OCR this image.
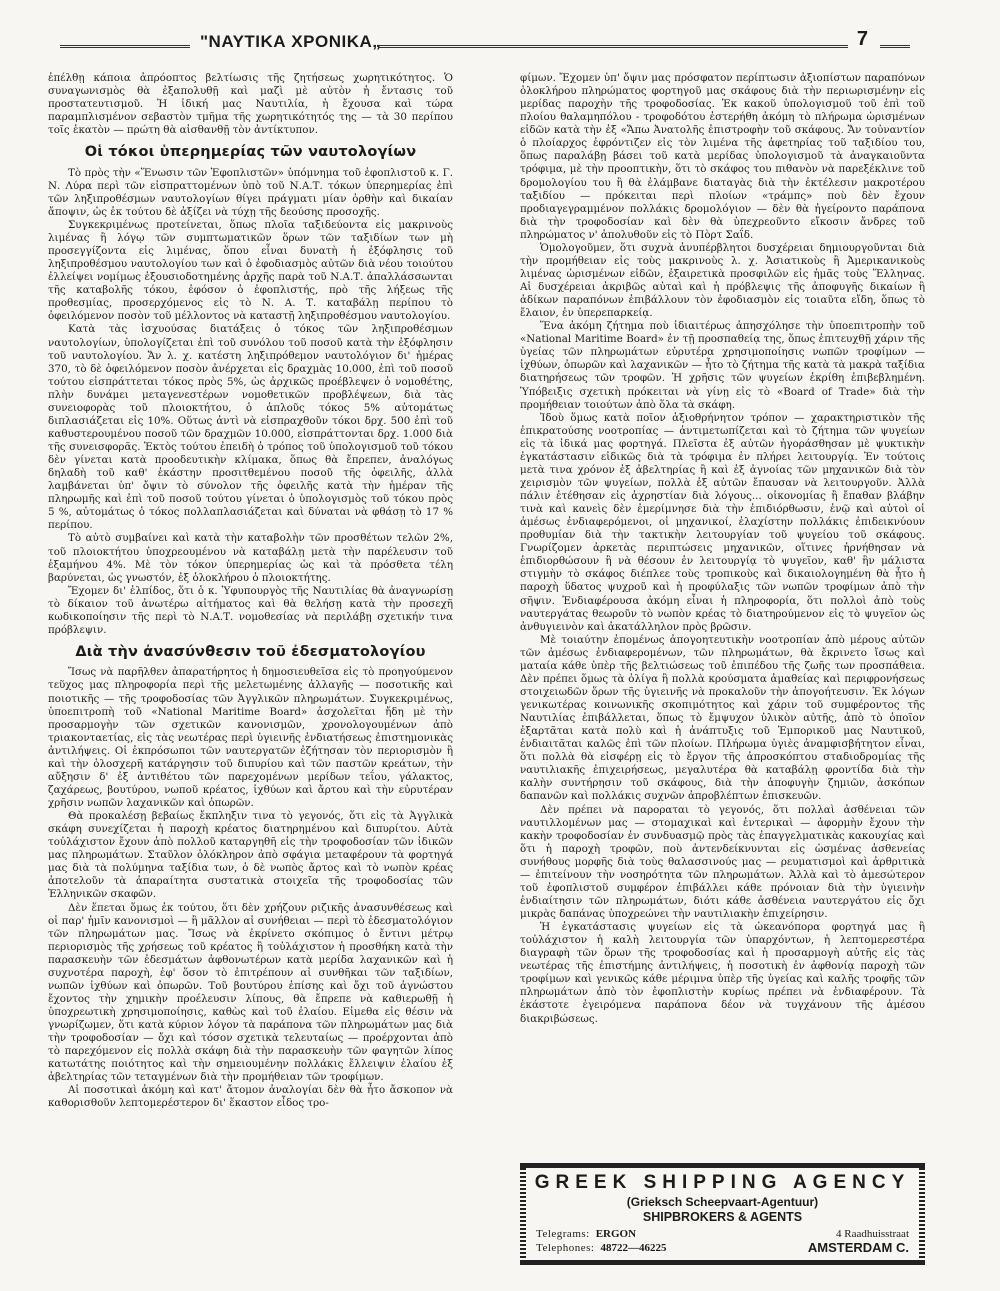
"ΝΑΥΤΙΚΑ ΧΡΟΝΙΚΑ„	7

ἐπέλθῃ κάποια ἀπρόοπτος βελτίωσις τῆς ζητήσεως χωρητικότητος. Ὁ συναγωνισμὸς θὰ ἐξαπολυθῇ καὶ μαζὶ μὲ αὐτὸν ἡ ἔντασις τοῦ προστατευτισμοῦ. Ἡ ἰδική μας Ναυτιλία, ἡ ἔχουσα καὶ τώρα παραμπλισμένον σεβαστὸν τμῆμα τῆς χωρητικότητός της — τὰ 30 περίπου τοῖς ἑκατὸν — πρώτη θὰ αἰσθανθῇ τὸν ἀντίκτυπον.

Οἱ τόκοι ὑπερημερίας τῶν ναυτολογίων

Τὸ πρὸς τὴν «Ἕνωσιν τῶν Ἐφοπλιστῶν» ὑπόμνημα τοῦ ἐφοπλιστοῦ κ. Γ. Ν. Λύρα περὶ τῶν εἰσπραττομένων ὑπὸ τοῦ Ν.Α.Τ. τόκων ὑπερημερίας ἐπὶ τῶν ληξιπροθέσμων ναυτολογίων θίγει πράγματι μίαν ὀρθὴν καὶ δικαίαν ἄποψιν, ὡς ἐκ τούτου δὲ ἀξίζει νὰ τύχῃ τῆς δεούσης προσοχῆς.

Συγκεκριμένως προτείνεται, ὅπως πλοῖα ταξιδεύοντα εἰς μακρινοὺς λιμένας ἢ λόγῳ τῶν συμπτωματικῶν ὅρων τῶν ταξιδίων των μὴ προσεγγίζοντα εἰς λιμένας, ὅπου εἶναι δυνατὴ ἡ ἐξόφλησις τοῦ ληξιπροθέσμου ναυτολογίου των καὶ ὁ ἐφοδιασμὸς αὐτῶν διὰ νέου τοιούτου ἐλλείψει νομίμως ἐξουσιοδοτημένης ἀρχῆς παρὰ τοῦ Ν.Α.Τ. ἀπαλλάσσωνται τῆς καταβολῆς τόκου, ἐφόσον ὁ ἐφοπλιστής, πρὸ τῆς λήξεως τῆς προθεσμίας, προσερχόμενος εἰς τὸ Ν. Α. Τ. καταβάλῃ περίπου τὸ ὀφειλόμενον ποσὸν τοῦ μέλλοντος νὰ καταστῇ ληξιπροθέσμου ναυτολογίου.

Κατὰ τὰς ἰσχυούσας διατάξεις ὁ τόκος τῶν ληξιπροθέσμων ναυτολογίων, ὑπολογίζεται ἐπὶ τοῦ συνόλου τοῦ ποσοῦ κατὰ τὴν ἐξόφλησιν τοῦ ναυτολογίου. Ἄν λ. χ. κατέστη ληξιπρόθεμον ναυτολόγιον δι' ἡμέρας 370, τὸ δὲ ὀφειλόμενον ποσὸν ἀνέρχεται εἰς δραχμὰς 10.000, ἐπὶ τοῦ ποσοῦ τούτου εἰσπράττεται τόκος πρὸς 5%, ὡς ἀρχικῶς προέβλεψεν ὁ νομοθέτης, πλὴν δυνάμει μεταγενεστέρων νομοθετικῶν προβλέψεων, διὰ τὰς συνειοφορὰς τοῦ πλοιοκτήτου, ὁ ἁπλοῦς τόκος 5% αὐτομάτως διπλασιάζεται εἰς 10%. Οὕτως ἀντὶ νὰ εἰσπραχθοῦν τόκοι δρχ. 500 ἐπὶ τοῦ καθυστερουμένου ποσοῦ τῶν δραχμῶν 10.000, εἰσπράττονται δρχ. 1.000 διὰ τῆς συνεισφορᾶς. Ἐκτὸς τούτου ἐπειδὴ ὁ τρόπος τοῦ ὑπολογισμοῦ τοῦ τόκου δὲν γίνεται κατὰ προοδευτικὴν κλίμακα, ὅπως θὰ ἔπρεπεν, ἀναλόγως δηλαδὴ τοῦ καθ' ἑκάστην προσιτθεμένου ποσοῦ τῆς ὀφειλῆς, ἀλλὰ λαμβάνεται ὑπ' ὄψιν τὸ σύνολον τῆς ὀφειλῆς κατὰ τὴν ἡμέραν τῆς πληρωμῆς καὶ ἐπὶ τοῦ ποσοῦ τούτου γίνεται ὁ ὑπολογισμὸς τοῦ τόκου πρὸς 5 %, αὐτομάτως ὁ τόκος πολλαπλασιάζεται καὶ δύναται νὰ φθάσῃ τὸ 17 % περίπου.

Τὸ αὐτὸ συμβαίνει καὶ κατὰ τὴν καταβολὴν τῶν προσθέτων τελῶν 2%, τοῦ πλοιοκτήτου ὑποχρεουμένου νὰ καταβάλῃ μετὰ τὴν παρέλευσιν τοῦ ἑξαμήνου 4%. Μὲ τὸν τόκον ὑπερημερίας ὡς καὶ τὰ πρόσθετα τέλη βαρύνεται, ὡς γνωστόν, ἐξ ὁλοκλήρου ὁ πλοιοκτήτης.

Ἔχομεν δι' ἐλπίδος, ὅτι ὁ κ. Ὑφυπουργὸς τῆς Ναυτιλίας θὰ ἀναγνωρίσῃ τὸ δίκαιον τοῦ ἀνωτέρω αἰτήματος καὶ θὰ θελήσῃ κατὰ τὴν προσεχῆ κωδικοποίησιν τῆς περὶ τὸ Ν.Α.Τ. νομοθεσίας νὰ περιλάβῃ σχετικήν τινα πρόβλεψιν.

Διὰ τὴν ἀνασύνθεσιν τοῦ ἐδεσματολογίου

Ἴσως νὰ παρῆλθεν ἀπαρατήρητος ἡ δημοσιευθεῖσα εἰς τὸ προηγούμενον τεῦχος μας πληροφορία περὶ τῆς μελετωμένης ἀλλαγῆς — ποσοτικῆς καὶ ποιοτικῆς — τῆς τροφοδοσίας τῶν Ἀγγλικῶν πληρωμάτων. Συγκεκριμένως, ὑποεπιτροπὴ τοῦ «National Maritime Board» ἀσχολεῖται ἤδη μὲ τὴν προσαρμογὴν τῶν σχετικῶν κανονισμῶν, χρονολογουμένων ἀπὸ τριακονταετίας, εἰς τὰς νεωτέρας περὶ ὑγιεινῆς ἐνδιατήσεως ἐπιστημονικὰς ἀντιλήψεις. Οἱ ἐκπρόσωποι τῶν ναυτεργατῶν ἐζήτησαν τὸν περιορισμὸν ἢ καὶ τὴν ὁλοσχερῆ κατάργησιν τοῦ διπυρίου καὶ τῶν παστῶν κρεάτων, τὴν αὔξησιν δ' ἐξ ἀντιθέτου τῶν παρεχομένων μερίδων τεΐου, γάλακτος, ζαχάρεως, βουτύρου, νωποῦ κρέατος, ἰχθύων καὶ ἄρτου καὶ τὴν εὐρυτέραν χρῆσιν νωπῶν λαχανικῶν καὶ ὀπωρῶν.

Θὰ προκαλέσῃ βεβαίως ἔκπληξιν τινα τὸ γεγονός, ὅτι εἰς τὰ Ἀγγλικὰ σκάφη συνεχίζεται ἡ παροχὴ κρέατος διατηρημένου καὶ διπυρίτου. Αὐτὰ τοὐλάχιστον ἔχουν ἀπὸ πολλοῦ καταργηθῆ εἰς τὴν τροφοδοσίαν τῶν ἰδικῶν μας πληρωμάτων. Σταῦλον ὁλόκληρον ἀπὸ σφάγια μεταφέρουν τὰ φορτηγά μας διὰ τὰ πολύμηνα ταξίδια των, ὁ δὲ νωπὸς ἄρτος καὶ τὸ νωπὸν κρέας ἀποτελοῦν τὰ ἀπαραίτητα συστατικὰ στοιχεῖα τῆς τροφοδοσίας τῶν Ἑλληνικῶν σκαφῶν.

Δὲν ἕπεται ὅμως ἐκ τούτου, ὅτι δὲν χρήζουν ριζικῆς ἀνασυνθέσεως καὶ οἱ παρ' ἡμῖν κανονισμοὶ — ἢ μᾶλλον αἱ συνήθειαι — περὶ τὸ ἐδεσματολόγιον τῶν πληρωμάτων μας. Ἴσως νὰ ἐκρίνετο σκόπιμος ὁ ἔντινι μέτρῳ περιορισμὸς τῆς χρήσεως τοῦ κρέατος ἢ τοὐλάχιστον ἡ προσθήκη κατὰ τὴν παρασκευὴν τῶν ἐδεσμάτων ἀφθονωτέρων κατὰ μερίδα λαχανικῶν καὶ ἡ συχνοτέρα παροχὴ, ἐφ' ὅσον τὸ ἐπιτρέπουν αἱ συνθῆκαι τῶν ταξιδίων, νωπῶν ἰχθύων καὶ ὀπωρῶν. Τοῦ βουτύρου ἐπίσης καὶ ὄχι τοῦ ἀγνώστου ἔχοντος τὴν χημικὴν προέλευσιν λίπους, θὰ ἔπρεπε νὰ καθιερωθῇ ἡ ὑποχρεωτικὴ χρησιμοποίησις, καθὼς καὶ τοῦ ἐλαίου. Εἰμεθα εἰς θέσιν νὰ γνωρίζωμεν, ὅτι κατὰ κύριον λόγον τὰ παράπονα τῶν πληρωμάτων μας διὰ τὴν τροφοδοσίαν — ὄχι καὶ τόσον σχετικὰ τελευταίως — προέρχονται ἀπὸ τὸ παρεχόμενον εἰς πολλὰ σκάφη διὰ τὴν παρασκευὴν τῶν φαγητῶν λίπος κατωτάτης ποιότητος καὶ τὴν σημειουμένην πολλάκις ἔλλειψιν ἐλαίου ἐξ ἀβελτηρίας τῶν τεταγμένων διὰ τὴν προμήθειαν τῶν τροφίμων.

Αἱ ποσοτικαὶ ἀκόμη καὶ κατ' ἄτομον ἀναλογίαι δὲν θὰ ἦτο ἄσκοπον νὰ καθορισθοῦν λεπτομερέστερον δι' ἕκαστον εἶδος τρο-

φίμων. Ἔχομεν ὑπ' ὄψιν μας πρόσφατον περίπτωσιν ἀξιοπίστων παραπόνων ὁλοκλήρου πληρώματος φορτηγοῦ μας σκάφους διὰ τὴν περιωρισμένην εἰς μερίδας παροχὴν τῆς τροφοδοσίας. Ἐκ κακοῦ ὑπολογισμοῦ τοῦ ἐπὶ τοῦ πλοίου θαλαμηπόλου - τροφοδότου ἐστερήθη ἀκόμη τὸ πλήρωμα ὡρισμένων εἰδῶν κατὰ τὴν ἐξ «Ἄπω Ἀνατολῆς ἐπιστροφὴν τοῦ σκάφους. Ἄν τοὐναντίον ὁ πλοίαρχος ἐφρόντιζεν εἰς τὸν λιμένα τῆς ἀφετηρίας τοῦ ταξιδίου του, ὅπως παραλάβῃ βάσει τοῦ κατὰ μερίδας ὑπολογισμοῦ τὰ ἀναγκαιοῦντα τρόφιμα, μὲ τὴν προοπτικὴν, ὅτι τὸ σκάφος του πιθανὸν νὰ παρεξέκλινε τοῦ δρομολογίου του ἢ θὰ ἐλάμβανε διαταγὰς διὰ τὴν ἐκτέλεσιν μακροτέρου ταξιδίου — πρόκειται περὶ πλοίων «τράμπς» ποὺ δὲν ἔχουν προδιαγεγραμμένον πολλάκις δρομολόγιον — δὲν θὰ ἠγείροντο παράπονα διὰ τὴν τροφοδοσίαν καὶ δὲν θὰ ὑπεχρεοῦντο εἴκοσιν ἄνδρες τοῦ πληρώματος ν' ἀπολυθοῦν εἰς τὸ Πὸρτ Σαΐδ.

Ὁμολογοῦμεν, ὅτι συχνὰ ἀνυπέρβλητοι δυσχέρειαι δημιουργοῦνται διὰ τὴν προμήθειαν εἰς τοὺς μακρινοὺς λ. χ. Ἀσιατικοὺς ἢ Ἀμερικανικοὺς λιμένας ὡρισμένων εἰδῶν, ἐξαιρετικὰ προσφιλῶν εἰς ἡμᾶς τοὺς Ἕλληνας. Αἱ δυσχέρειαι ἀκριβῶς αὐταὶ καὶ ἡ πρόβλεψις τῆς ἀποφυγῆς δικαίων ἢ ἀδίκων παραπόνων ἐπιβάλλουν τὸν ἐφοδιασμὸν εἰς τοιαῦτα εἴδη, ὅπως τὸ ἔλαιον, ἐν ὑπερεπαρκείᾳ.

Ἕνα ἀκόμη ζήτημα ποὺ ἰδιαιτέρως ἀπησχόλησε τὴν ὑποεπιτροπὴν τοῦ «National Maritime Board» ἐν τῇ προσπαθείᾳ της, ὅπως ἐπιτευχθῇ χάριν τῆς ὑγείας τῶν πληρωμάτων εὐρυτέρα χρησιμοποίησις νωπῶν τροφίμων — ἰχθύων, ὀπωρῶν καὶ λαχανικῶν — ἦτο τὸ ζήτημα τῆς κατὰ τὰ μακρὰ ταξίδια διατηρήσεως τῶν τροφῶν. Ἡ χρῆσις τῶν ψυγείων ἐκρίθη ἐπιβεβλημένη. Ὑπόβειξις σχετικὴ πρόκειται νὰ γίνῃ εἰς τὸ «Board of Trade» διὰ τὴν προμήθειαν τοιούτων ἀπὸ ὅλα τὰ σκάφη.

Ἰδοὺ ὅμως κατὰ ποῖον ἀξιοθρήνητον τρόπον — χαρακτηριστικὸν τῆς ἐπικρατούσης νοοτροπίας — ἀντιμετωπίζεται καὶ τὸ ζήτημα τῶν ψυγείων εἰς τὰ ἰδικά μας φορτηγά. Πλεῖστα ἐξ αὐτῶν ἠγοράσθησαν μὲ ψυκτικὴν ἐγκατάστασιν εἰδικῶς διὰ τὰ τρόφιμα ἐν πλήρει λειτουργίᾳ. Ἐν τούτοις μετὰ τινα χρόνον ἐξ ἀβελτηρίας ἢ καὶ ἐξ ἀγνοίας τῶν μηχανικῶν διὰ τὸν χειρισμὸν τῶν ψυγείων, πολλὰ ἐξ αὐτῶν ἔπαυσαν νὰ λειτουργοῦν. Ἀλλὰ πάλιν ἐτέθησαν εἰς ἀχρηστίαν διὰ λόγους... οἰκονομίας ἢ ἔπαθαν βλάβην τινὰ καὶ κανεὶς δὲν ἐμερίμνησε διὰ τὴν ἐπιδιόρθωσιν, ἐνῷ καὶ αὐτοὶ οἱ ἀμέσως ἐνδιαφερόμενοι, οἱ μηχανικοί, ἐλαχίστην πολλάκις ἐπιδεικνύουν προθυμίαν διὰ τὴν τακτικὴν λειτουργίαν τοῦ ψυγείου τοῦ σκάφους. Γνωρίζομεν ἀρκετὰς περιπτώσεις μηχανικῶν, οἵτινες ἠρνήθησαν νὰ ἐπιδιορθώσουν ἢ νὰ θέσουν ἐν λειτουργίᾳ τὸ ψυγεῖον, καθ' ἣν μάλιστα στιγμὴν τὸ σκάφος διέπλεε τοὺς τροπικοὺς καὶ δικαιολογημένη θὰ ἦτο ἡ παροχὴ ὕδατος ψυχροῦ καὶ ἡ προφύλαξις τῶν νωπῶν τροφίμων ἀπὸ τὴν σῆψιν. Ἐνδιαφέρουσα ἀκόμη εἶναι ἡ πληροφορία, ὅτι πολλοὶ ἀπὸ τοὺς ναυτεργάτας θεωροῦν τὸ νωπὸν κρέας τὸ διατηρούμενον εἰς τὸ ψυγεῖον ὡς ἀνθυγιεινὸν καὶ ἀκατάλληλον πρὸς βρῶσιν.

Μὲ τοιαύτην ἐπομένως ἀπογοητευτικὴν νοοτροπίαν ἀπὸ μέρους αὐτῶν τῶν ἀμέσως ἐνδιαφερομένων, τῶν πληρωμάτων, θὰ ἔκρινετο ἴσως καὶ ματαία κάθε ὑπὲρ τῆς βελτιώσεως τοῦ ἐπιπέδου τῆς ζωῆς των προσπάθεια. Δὲν πρέπει ὅμως τὰ ὀλίγα ἢ πολλὰ κρούσματα ἀμαθείας καὶ περιφρονήσεως στοιχειωδῶν ὅρων τῆς ὑγιεινῆς νὰ προκαλοῦν τὴν ἀπογοήτευσιν. Ἐκ λόγων γενικωτέρας κοινωνικῆς σκοπιμότητος καὶ χάριν τοῦ συμφέροντος τῆς Ναυτιλίας ἐπιβάλλεται, ὅπως τὸ ἔμψυχον ὑλικὸν αὐτῆς, ἀπὸ τὸ ὁποῖον ἐξαρτᾶται κατὰ πολὺ καὶ ἡ ἀνάπτυξις τοῦ Ἐμπορικοῦ μας Ναυτικοῦ, ἐνδιαιτᾶται καλῶς ἐπὶ τῶν πλοίων. Πλήρωμα ὑγιὲς ἀναμφισβήτητον εἶναι, ὅτι πολλὰ θὰ εἰσφέρῃ εἰς τὸ ἔργον τῆς ἀπροσκόπτου σταδιοδρομίας τῆς ναυτιλιακῆς ἐπιχειρήσεως, μεγαλυτέρα θὰ καταβάλῃ φροντίδα διὰ τὴν καλὴν συντήρησιν τοῦ σκάφους, διὰ τὴν ἀποφυγὴν ζημιῶν, ἀσκόπων δαπανῶν καὶ πολλάκις συχνῶν ἀπροβλέπτων ἐπισκευῶν.

Δὲν πρέπει νὰ παροραται τὸ γεγονός, ὅτι πολλαὶ ἀσθένειαι τῶν ναυτιλλομένων μας — στομαχικαὶ καὶ ἐντερικαὶ — ἀφορμὴν ἔχουν τὴν κακὴν τροφοδοσίαν ἐν συνδυασμῷ πρὸς τὰς ἐπαγγελματικὰς κακουχίας καὶ ὅτι ἡ παροχὴ τροφῶν, ποὺ ἀντενδείκνυνται εἰς ὡσμένας ἀσθενείας συνήθους μορφῆς διὰ τοὺς θαλασσινούς μας — ρευματισμοὶ καὶ ἀρθριτικὰ — ἐπιτείνουν τὴν νοσηρότητα τῶν πληρωμάτων. Ἀλλὰ καὶ τὸ ἀμεσώτερον τοῦ ἐφοπλιστοῦ συμφέρον ἐπιβάλλει κάθε πρόνοιαν διὰ τὴν ὑγιεινὴν ἐνδιαίτησιν τῶν πληρωμάτων, διότι κάθε ἀσθένεια ναυτεργάτου εἰς ὄχι μικρὰς δαπάνας ὑποχρεώνει τὴν ναυτιλιακὴν ἐπιχείρησιν.

Ἡ ἐγκατάστασις ψυγείων εἰς τὰ ὠκεανόπορα φορτηγά μας ἢ τοὐλάχιστον ἡ καλὴ λειτουργία τῶν ὑπαρχόντων, ἡ λεπτομερεστέρα διαγραφὴ τῶν ὅρων τῆς τροφοδοσίας καὶ ἡ προσαρμογὴ αὐτῆς εἰς τὰς νεωτέρας τῆς ἐπιστήμης ἀντιλήψεις, ἡ ποσοτικὴ ἐν ἀφθονίᾳ παροχὴ τῶν τροφίμων καὶ γενικῶς κάθε μέριμνα ὑπὲρ τῆς ὑγείας καὶ καλῆς τροφῆς τῶν πληρωμάτων ἀπὸ τὸν ἐφοπλιστὴν κυρίως πρέπει νὰ ἐνδιαφέρουν. Τὰ ἑκάστοτε ἐγειρόμενα παράπονα δέον νὰ τυγχάνουν τῆς ἀμέσου διακριβώσεως.

GREEK SHIPPING AGENCY
(Grieksch Scheepvaart-Agentuur)
SHIPBROKERS & AGENTS
Telegrams: ERGON
Telephones: 48722—46225
4 Raadhuisstraat
AMSTERDAM C.
